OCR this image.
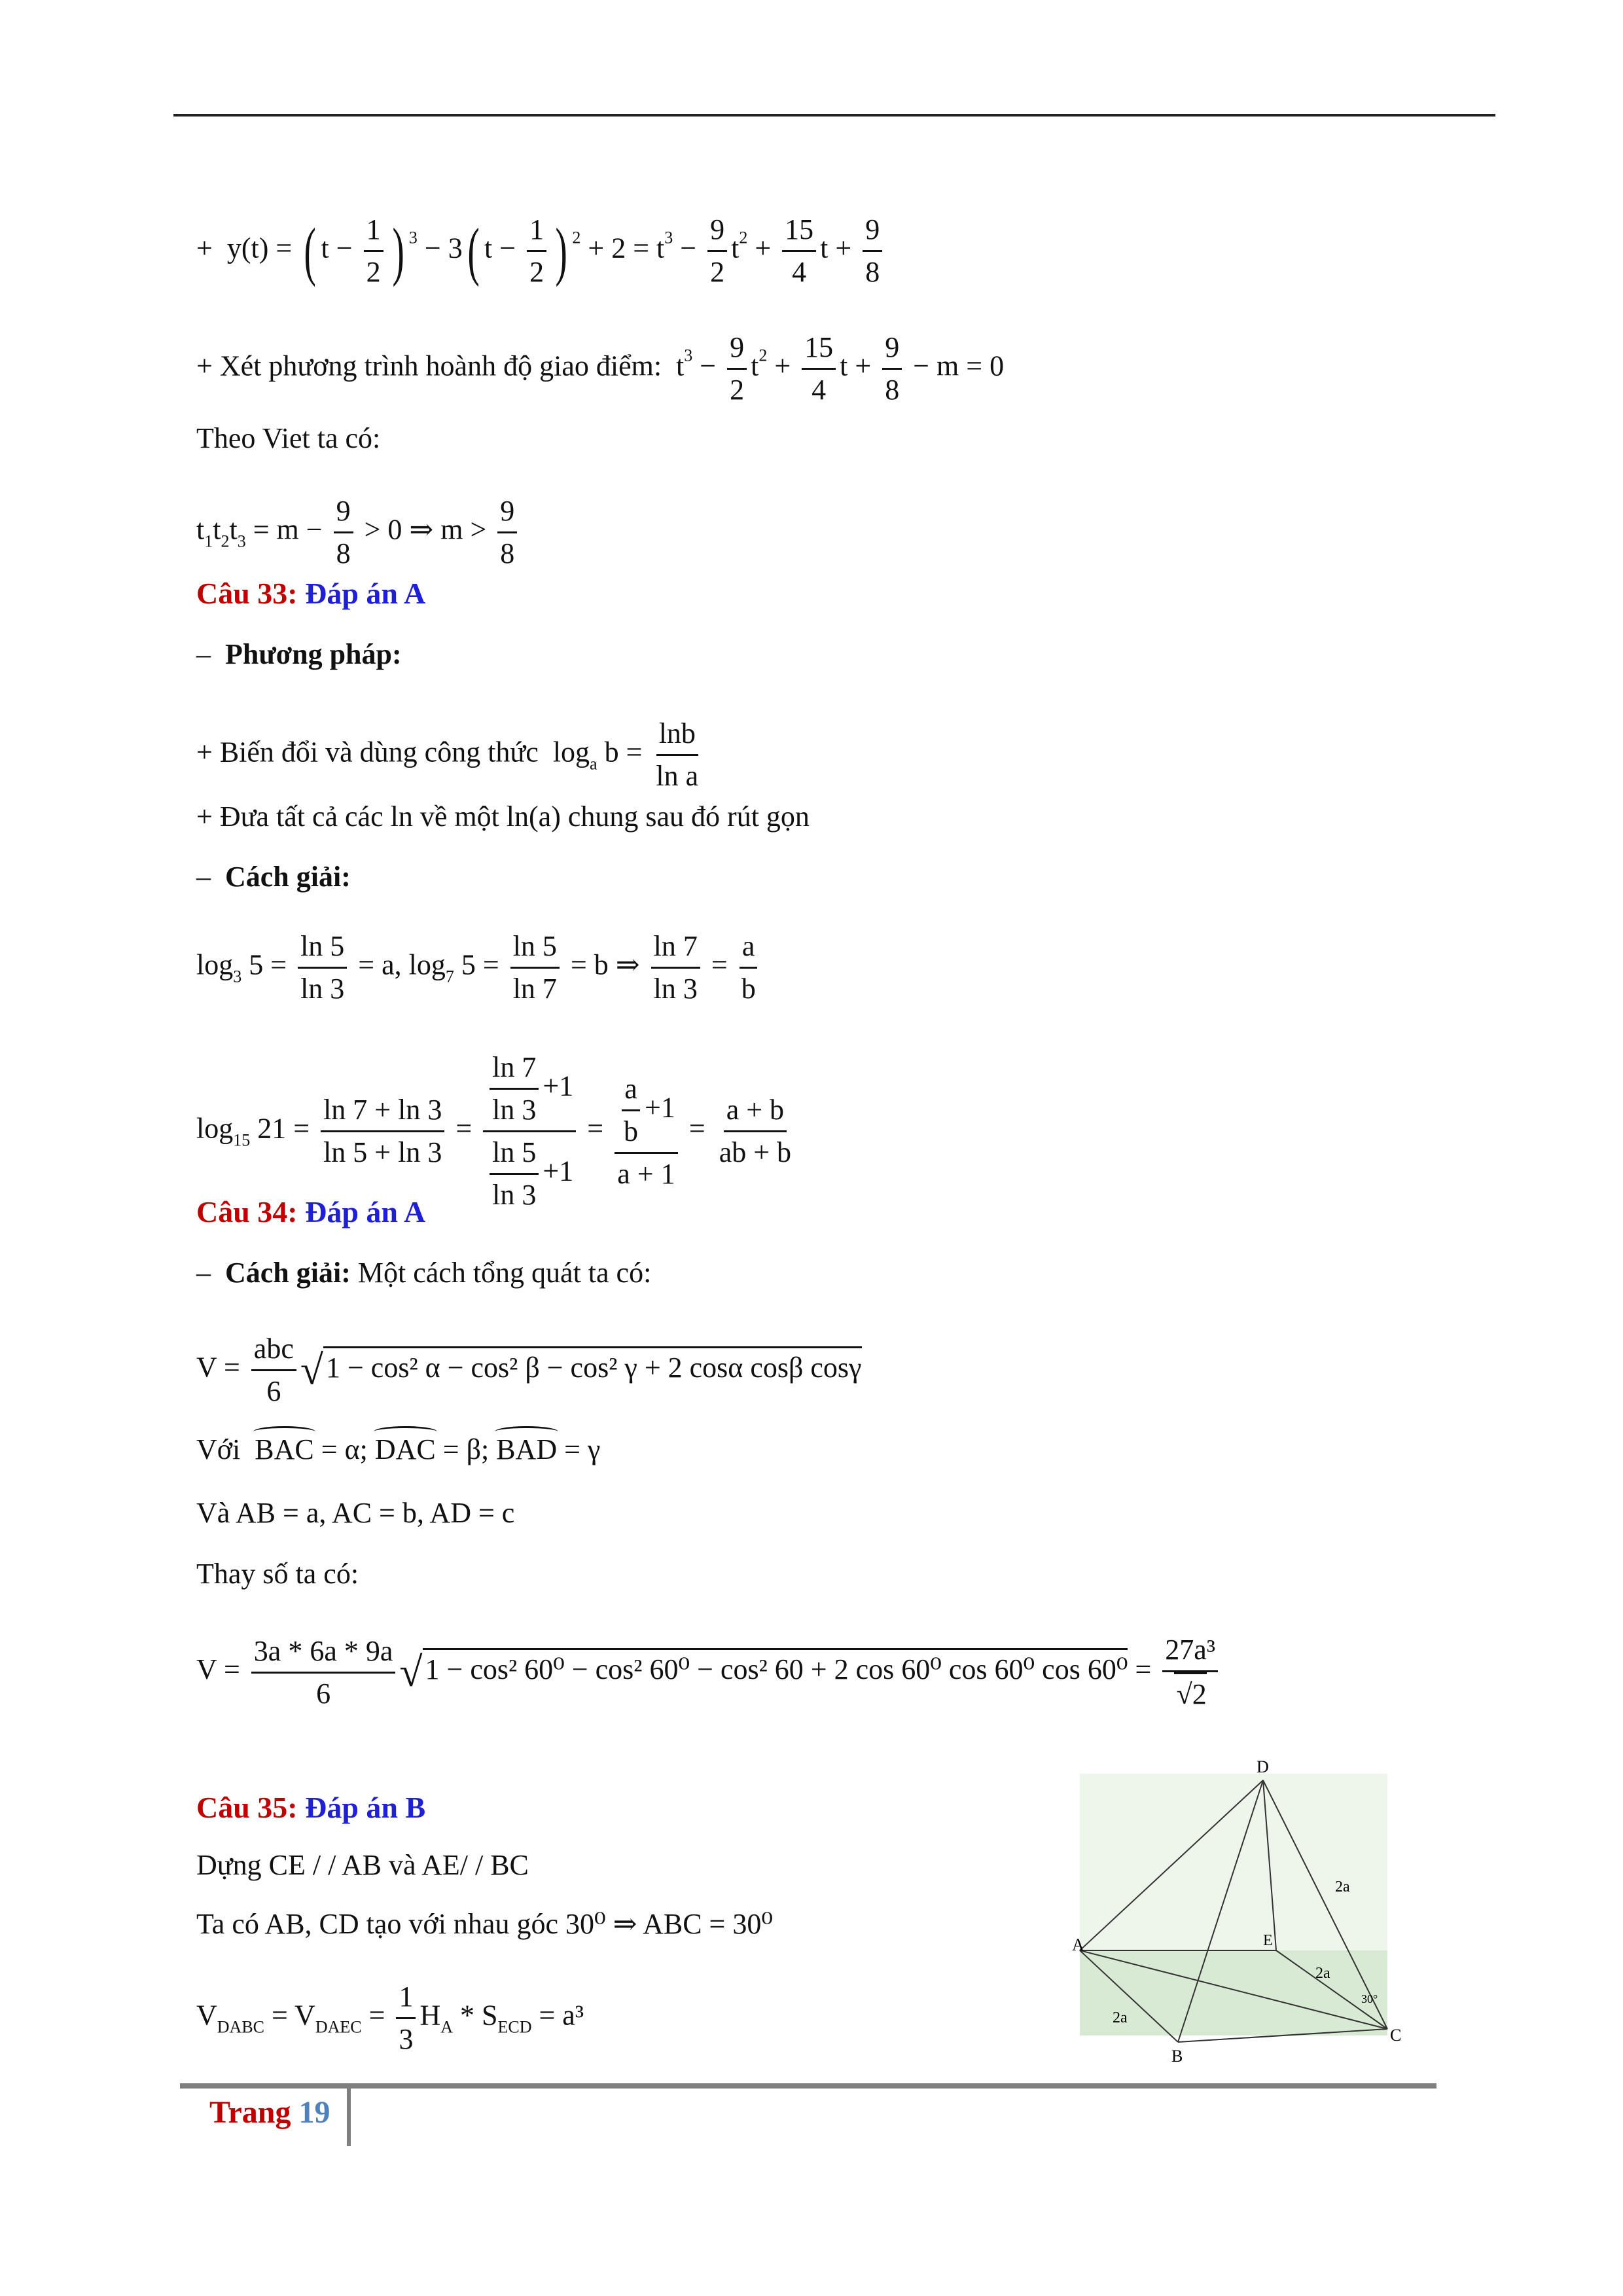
+ y(t) = ( $t - \frac{1}{2}$ ) $^3$ − 3( $t - \frac{1}{2}$ ) $^2 + 2 = t^3 - \frac{9}{2} t^2 + \frac{15}{4}$ $t + \frac{9}{8}$
+ Xét phương trình hoành độ giao điểm: $t^3 - \frac{9}{2} t^2 + \frac{15}{4}$ $t + \frac{9}{8} - m = 0$
Theo Viet ta có:
$t_1t_2t_3 = m - \frac{9}{8} > 0$ ⇒ $m > \frac{9}{8}$
Câu 33: Đáp án A
–  Phương pháp:
+ Biến đổi và dùng công thức $\log_a b = \frac{\ln b}{\text{ln a}}$
+ Đưa tất cả các ln về một ln(a) chung sau đó rút gọn
–  Cách giải:
$\log_3 5 = \frac{\ln 5}{\ln 3} = a$, $\log_7 5 = \frac{\ln 5}{\ln 7} = b$ ⇒ $\frac{\ln 7}{\ln 3} = \frac{a}{b}$
$\log_{15} 21 = \frac{\ln 7 + \ln 3}{\ln 5 + \ln 3} = \frac{\frac{\ln 7}{\ln 3} +1}{\frac{\ln 5}{\ln 3} +1} = \frac{\frac{a}{b} +1}{a + 1} = \frac{a + b}{ab + b}$
Câu 34: Đáp án A
–  Cách giải: Một cách tổng quát ta có:
$V = \frac{\text{abc}}{6} √1 - \cos^2$ α − cos² β − cos² γ + 2 cosα cosβ cosγ
Với BAC = α; DAC = β; BAD = γ
Và AB = a, AC = b, AD = c
Thay số ta có:
$V = \frac{3a * 6a * 9a}{6} √1 - \cos^2$ 60⁰ − cos² 60⁰ − cos² 60 + 2 cos 60⁰ cos 60⁰ $\cos 60^0 = \frac{\text{27a³}}{√2}$
Câu 35: Đáp án B
Dựng CE / / AB và AE/ / BC
Ta có AB, CD tạo với nhau góc 30⁰ ⇒ ABC = 30⁰
$V_{DABC} = V_{DAEC} = \frac{1}{3} H_A * S_{ECD} = a^3$
D
A
B
C
E
2a
2a
2a
30°
Trang 19
